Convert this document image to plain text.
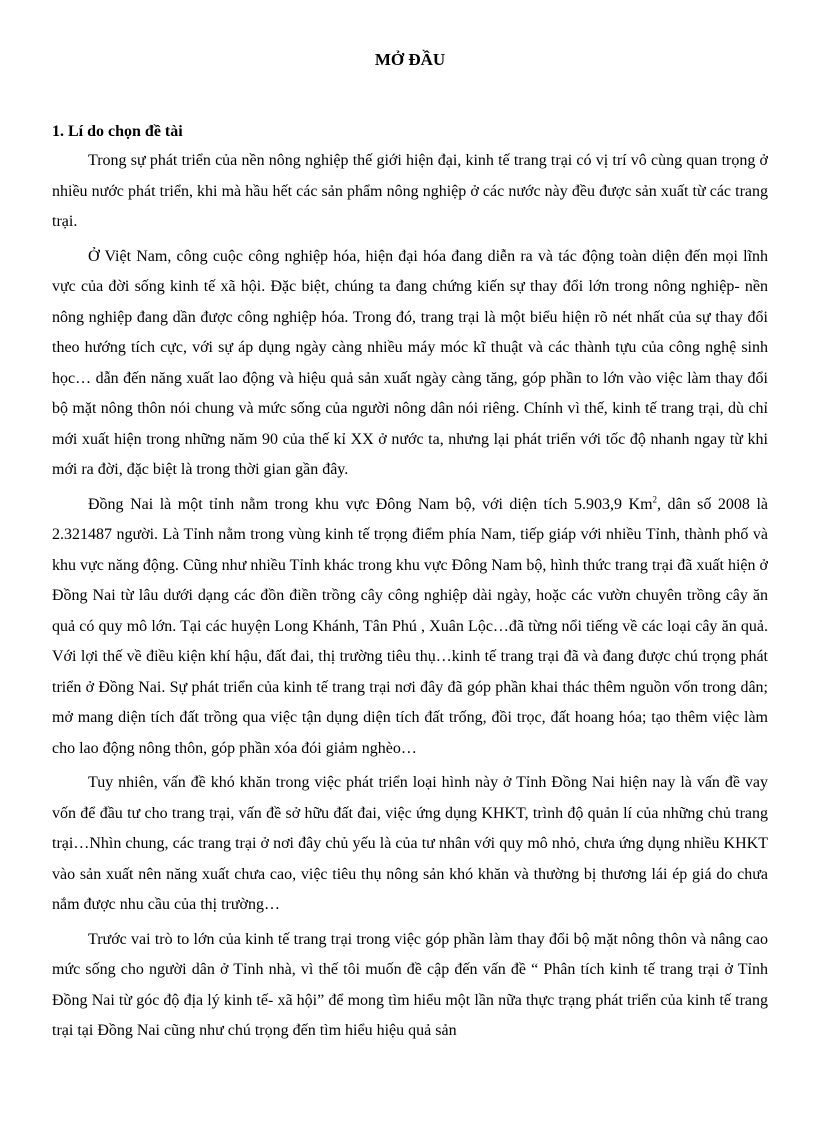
MỞ ĐẦU
1. Lí do chọn đề tài

Trong sự phát triển của nền nông nghiệp thế giới hiện đại, kinh tế trang trại có vị trí vô cùng quan trọng ở nhiều nước phát triển, khi mà hầu hết các sản phẩm nông nghiệp ở các nước này đều được sản xuất từ các trang trại.

Ở Việt Nam, công cuộc công nghiệp hóa, hiện đại hóa đang diễn ra và tác động toàn diện đến mọi lĩnh vực của đời sống kinh tế xã hội. Đặc biệt, chúng ta đang chứng kiến sự thay đổi lớn trong nông nghiệp- nền nông nghiệp đang dần được công nghiệp hóa. Trong đó, trang trại là một biểu hiện rõ nét nhất của sự thay đổi theo hướng tích cực, với sự áp dụng ngày càng nhiều máy móc kĩ thuật và các thành tựu của công nghệ sinh học… dẫn đến năng xuất lao động và hiệu quả sản xuất ngày càng tăng, góp phần to lớn vào việc làm thay đổi bộ mặt nông thôn nói chung và mức sống của người nông dân nói riêng. Chính vì thế, kinh tế trang trại, dù chỉ mới xuất hiện trong những năm 90 của thế kỉ XX ở nước ta, nhưng lại phát triển với tốc độ nhanh ngay từ khi mới ra đời, đặc biệt là trong thời gian gần đây.

Đồng Nai là một tỉnh nằm trong khu vực Đông Nam bộ, với diện tích 5.903,9 Km$^2$, dân số 2008 là 2.321487 người. Là Tỉnh nằm trong vùng kinh tế trọng điểm phía Nam, tiếp giáp với nhiều Tỉnh, thành phố và khu vực năng động. Cũng như nhiều Tỉnh khác trong khu vực Đông Nam bộ, hình thức trang trại đã xuất hiện ở Đồng Nai từ lâu dưới dạng các đồn điền trồng cây công nghiệp dài ngày, hoặc các vườn chuyên trồng cây ăn quả có quy mô lớn. Tại các huyện Long Khánh, Tân Phú , Xuân Lộc…đã từng nổi tiếng về các loại cây ăn quả. Với lợi thế về điều kiện khí hậu, đất đai, thị trường tiêu thụ…kinh tế trang trại đã và đang được chú trọng phát triển ở Đồng Nai. Sự phát triển của kinh tế trang trại nơi đây đã góp phần khai thác thêm nguồn vốn trong dân; mở mang diện tích đất trồng qua việc tận dụng diện tích đất trống, đồi trọc, đất hoang hóa; tạo thêm việc làm cho lao động nông thôn, góp phần xóa đói giảm nghèo…

Tuy nhiên, vấn đề khó khăn trong việc phát triển loại hình này ở Tỉnh Đồng Nai hiện nay là vấn đề vay vốn để đầu tư cho trang trại, vấn đề sở hữu đất đai, việc ứng dụng KHKT, trình độ quản lí của những chủ trang trại…Nhìn chung, các trang trại ở nơi đây chủ yếu là của tư nhân với quy mô nhỏ, chưa ứng dụng nhiều KHKT vào sản xuất nên năng xuất chưa cao, việc tiêu thụ nông sản khó khăn và thường bị thương lái ép giá do chưa nắm được nhu cầu của thị trường…

Trước vai trò to lớn của kinh tế trang trại trong việc góp phần làm thay đổi bộ mặt nông thôn và nâng cao mức sống cho người dân ở Tỉnh nhà, vì thế tôi muốn đề cập đến vấn đề “ Phân tích kinh tế trang trại ở Tỉnh Đồng Nai từ góc độ địa lý kinh tế- xã hội” để mong tìm hiểu một lần nữa thực trạng phát triển của kinh tế trang trại tại Đồng Nai cũng như chú trọng đến tìm hiểu hiệu quả sản
